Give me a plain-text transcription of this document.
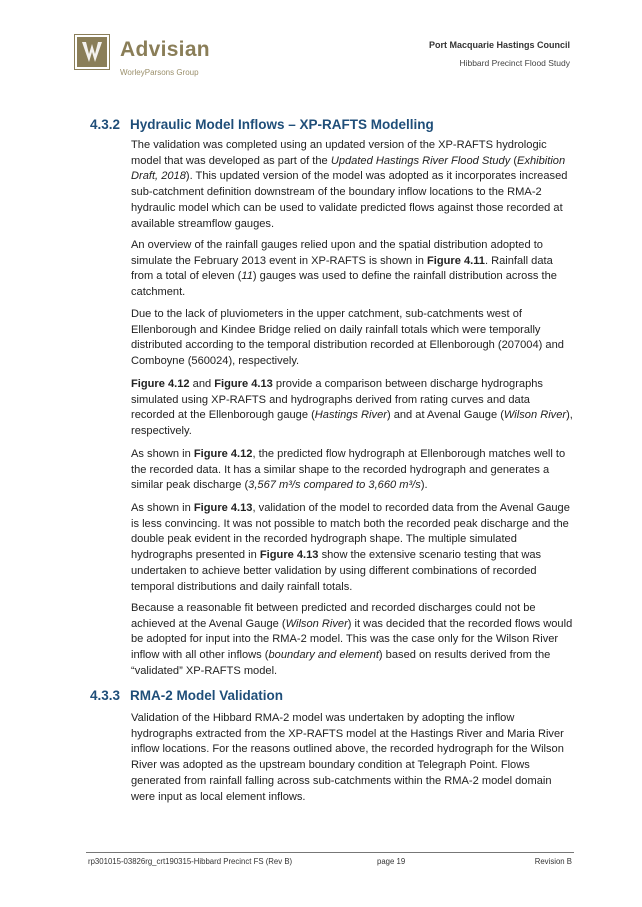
Advisian
WorleyParsons Group
Port Macquarie Hastings Council
Hibbard Precinct Flood Study
4.3.2 Hydraulic Model Inflows – XP-RAFTS Modelling
The validation was completed using an updated version of the XP-RAFTS hydrologic model that was developed as part of the Updated Hastings River Flood Study (Exhibition Draft, 2018). This updated version of the model was adopted as it incorporates increased sub-catchment definition downstream of the boundary inflow locations to the RMA-2 hydraulic model which can be used to validate predicted flows against those recorded at available streamflow gauges.
An overview of the rainfall gauges relied upon and the spatial distribution adopted to simulate the February 2013 event in XP-RAFTS is shown in Figure 4.11. Rainfall data from a total of eleven (11) gauges was used to define the rainfall distribution across the catchment.
Due to the lack of pluviometers in the upper catchment, sub-catchments west of Ellenborough and Kindee Bridge relied on daily rainfall totals which were temporally distributed according to the temporal distribution recorded at Ellenborough (207004) and Comboyne (560024), respectively.
Figure 4.12 and Figure 4.13 provide a comparison between discharge hydrographs simulated using XP-RAFTS and hydrographs derived from rating curves and data recorded at the Ellenborough gauge (Hastings River) and at Avenal Gauge (Wilson River), respectively.
As shown in Figure 4.12, the predicted flow hydrograph at Ellenborough matches well to the recorded data. It has a similar shape to the recorded hydrograph and generates a similar peak discharge (3,567 m³/s compared to 3,660 m³/s).
As shown in Figure 4.13, validation of the model to recorded data from the Avenal Gauge is less convincing. It was not possible to match both the recorded peak discharge and the double peak evident in the recorded hydrograph shape. The multiple simulated hydrographs presented in Figure 4.13 show the extensive scenario testing that was undertaken to achieve better validation by using different combinations of recorded temporal distributions and daily rainfall totals.
Because a reasonable fit between predicted and recorded discharges could not be achieved at the Avenal Gauge (Wilson River) it was decided that the recorded flows would be adopted for input into the RMA-2 model. This was the case only for the Wilson River inflow with all other inflows (boundary and element) based on results derived from the “validated” XP-RAFTS model.
4.3.3 RMA-2 Model Validation
Validation of the Hibbard RMA-2 model was undertaken by adopting the inflow hydrographs extracted from the XP-RAFTS model at the Hastings River and Maria River inflow locations. For the reasons outlined above, the recorded hydrograph for the Wilson River was adopted as the upstream boundary condition at Telegraph Point. Flows generated from rainfall falling across sub-catchments within the RMA-2 model domain were input as local element inflows.
rp301015-03826rg_crt190315-Hibbard Precinct FS (Rev B)	page 19	Revision B
